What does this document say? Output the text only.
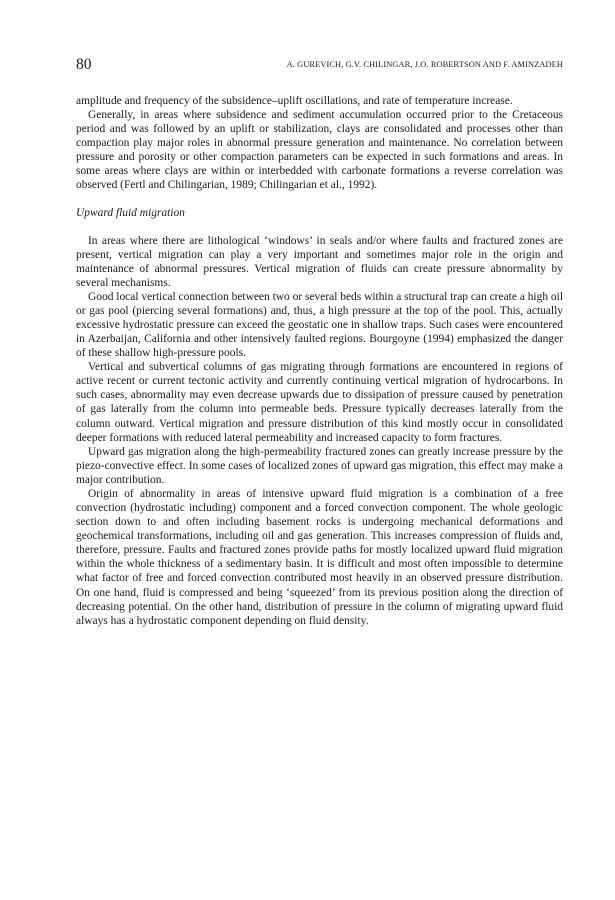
80	A. GUREVICH, G.V. CHILINGAR, J.O. ROBERTSON AND F. AMINZADEH

amplitude and frequency of the subsidence–uplift oscillations, and rate of temperature increase.

Generally, in areas where subsidence and sediment accumulation occurred prior to the Cretaceous period and was followed by an uplift or stabilization, clays are consolidated and processes other than compaction play major roles in abnormal pressure generation and maintenance. No correlation between pressure and porosity or other compaction parameters can be expected in such formations and areas. In some areas where clays are within or interbedded with carbonate formations a reverse correlation was observed (Fertl and Chilingarian, 1989; Chilingarian et al., 1992).

Upward fluid migration

In areas where there are lithological ‘windows’ in seals and/or where faults and fractured zones are present, vertical migration can play a very important and sometimes major role in the origin and maintenance of abnormal pressures. Vertical migration of fluids can create pressure abnormality by several mechanisms.

Good local vertical connection between two or several beds within a structural trap can create a high oil or gas pool (piercing several formations) and, thus, a high pressure at the top of the pool. This, actually excessive hydrostatic pressure can exceed the geostatic one in shallow traps. Such cases were encountered in Azerbaijan, California and other intensively faulted regions. Bourgoyne (1994) emphasized the danger of these shallow high-pressure pools.

Vertical and subvertical columns of gas migrating through formations are encountered in regions of active recent or current tectonic activity and currently continuing vertical migration of hydrocarbons. In such cases, abnormality may even decrease upwards due to dissipation of pressure caused by penetration of gas laterally from the column into permeable beds. Pressure typically decreases laterally from the column outward. Vertical migration and pressure distribution of this kind mostly occur in consolidated deeper formations with reduced lateral permeability and increased capacity to form fractures.

Upward gas migration along the high-permeability fractured zones can greatly increase pressure by the piezo-convective effect. In some cases of localized zones of upward gas migration, this effect may make a major contribution.

Origin of abnormality in areas of intensive upward fluid migration is a combination of a free convection (hydrostatic including) component and a forced convection component. The whole geologic section down to and often including basement rocks is undergoing mechanical deformations and geochemical transformations, including oil and gas generation. This increases compression of fluids and, therefore, pressure. Faults and fractured zones provide paths for mostly localized upward fluid migration within the whole thickness of a sedimentary basin. It is difficult and most often impossible to determine what factor of free and forced convection contributed most heavily in an observed pressure distribution. On one hand, fluid is compressed and being ‘squeezed’ from its previous position along the direction of decreasing potential. On the other hand, distribution of pressure in the column of migrating upward fluid always has a hydrostatic component depending on fluid density.
